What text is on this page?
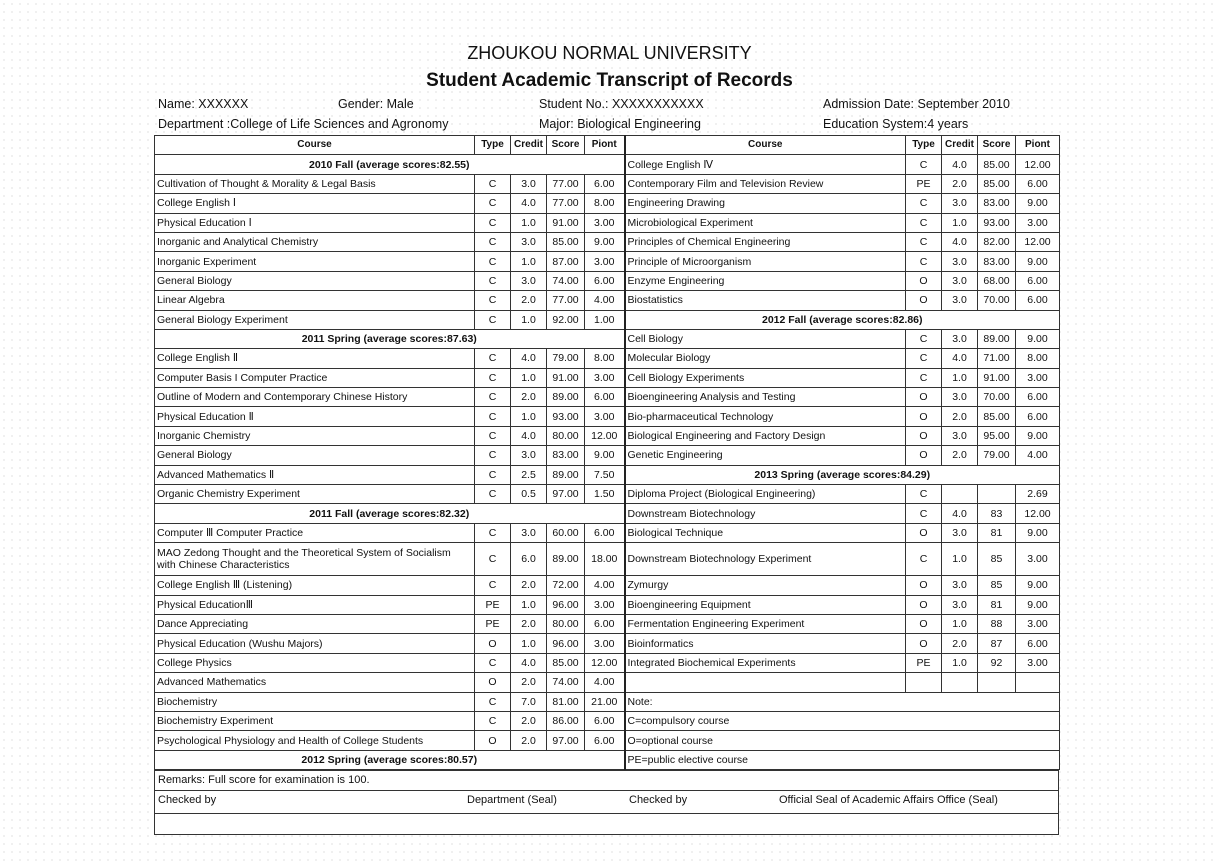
ZHOUKOU NORMAL UNIVERSITY
Student Academic Transcript of Records
Name: XXXXXX	Gender: Male	Student No.: XXXXXXXXXXX	Admission Date: September 2010
Department :College of Life Sciences and Agronomy	Major: Biological Engineering	Education System:4 years
Course	Type	Credit	Score	Piont	Course	Type	Credit	Score	Piont
2010 Fall (average scores:82.55)					College English Ⅳ	C	4.0	85.00	12.00
Cultivation of Thought & Morality & Legal Basis	C	3.0	77.00	6.00	Contemporary Film and Television Review	PE	2.0	85.00	6.00
College English Ⅰ	C	4.0	77.00	8.00	Engineering Drawing	C	3.0	83.00	9.00
Physical Education Ⅰ	C	1.0	91.00	3.00	Microbiological Experiment	C	1.0	93.00	3.00
Inorganic and Analytical Chemistry	C	3.0	85.00	9.00	Principles of Chemical Engineering	C	4.0	82.00	12.00
Inorganic Experiment	C	1.0	87.00	3.00	Principle of Microorganism	C	3.0	83.00	9.00
General Biology	C	3.0	74.00	6.00	Enzyme Engineering	O	3.0	68.00	6.00
Linear Algebra	C	2.0	77.00	4.00	Biostatistics	O	3.0	70.00	6.00
General Biology Experiment	C	1.0	92.00	1.00	2012 Fall (average scores:82.86)				
2011 Spring (average scores:87.63)					Cell Biology	C	3.0	89.00	9.00
College English Ⅱ	C	4.0	79.00	8.00	Molecular Biology	C	4.0	71.00	8.00
Computer Basis I Computer Practice	C	1.0	91.00	3.00	Cell Biology Experiments	C	1.0	91.00	3.00
Outline of Modern and Contemporary Chinese History	C	2.0	89.00	6.00	Bioengineering Analysis and Testing	O	3.0	70.00	6.00
Physical Education Ⅱ	C	1.0	93.00	3.00	Bio-pharmaceutical Technology	O	2.0	85.00	6.00
Inorganic Chemistry	C	4.0	80.00	12.00	Biological Engineering and Factory Design	O	3.0	95.00	9.00
General Biology	C	3.0	83.00	9.00	Genetic Engineering	O	2.0	79.00	4.00
Advanced Mathematics Ⅱ	C	2.5	89.00	7.50	2013 Spring (average scores:84.29)				
Organic Chemistry Experiment	C	0.5	97.00	1.50	Diploma Project (Biological Engineering)	C			2.69
2011 Fall (average scores:82.32)					Downstream Biotechnology	C	4.0	83	12.00
Computer Ⅲ Computer Practice	C	3.0	60.00	6.00	Biological Technique	O	3.0	81	9.00
MAO Zedong Thought and the Theoretical System of Socialism with Chinese Characteristics	C	6.0	89.00	18.00	Downstream Biotechnology Experiment	C	1.0	85	3.00
College English Ⅲ (Listening)	C	2.0	72.00	4.00	Zymurgy	O	3.0	85	9.00
Physical EducationⅢ	PE	1.0	96.00	3.00	Bioengineering Equipment	O	3.0	81	9.00
Dance Appreciating	PE	2.0	80.00	6.00	Fermentation Engineering Experiment	O	1.0	88	3.00
Physical Education (Wushu Majors)	O	1.0	96.00	3.00	Bioinformatics	O	2.0	87	6.00
College Physics	C	4.0	85.00	12.00	Integrated Biochemical Experiments	PE	1.0	92	3.00
Advanced Mathematics	O	2.0	74.00	4.00					
Biochemistry	C	7.0	81.00	21.00	Note:				
Biochemistry Experiment	C	2.0	86.00	6.00	C=compulsory course				
Psychological Physiology and Health of College Students	O	2.0	97.00	6.00	O=optional course				
2012 Spring (average scores:80.57)					PE=public elective course				
Remarks: Full score for examination is 100.
Checked by	Department (Seal)	Checked by	Official Seal of Academic Affairs Office (Seal)
